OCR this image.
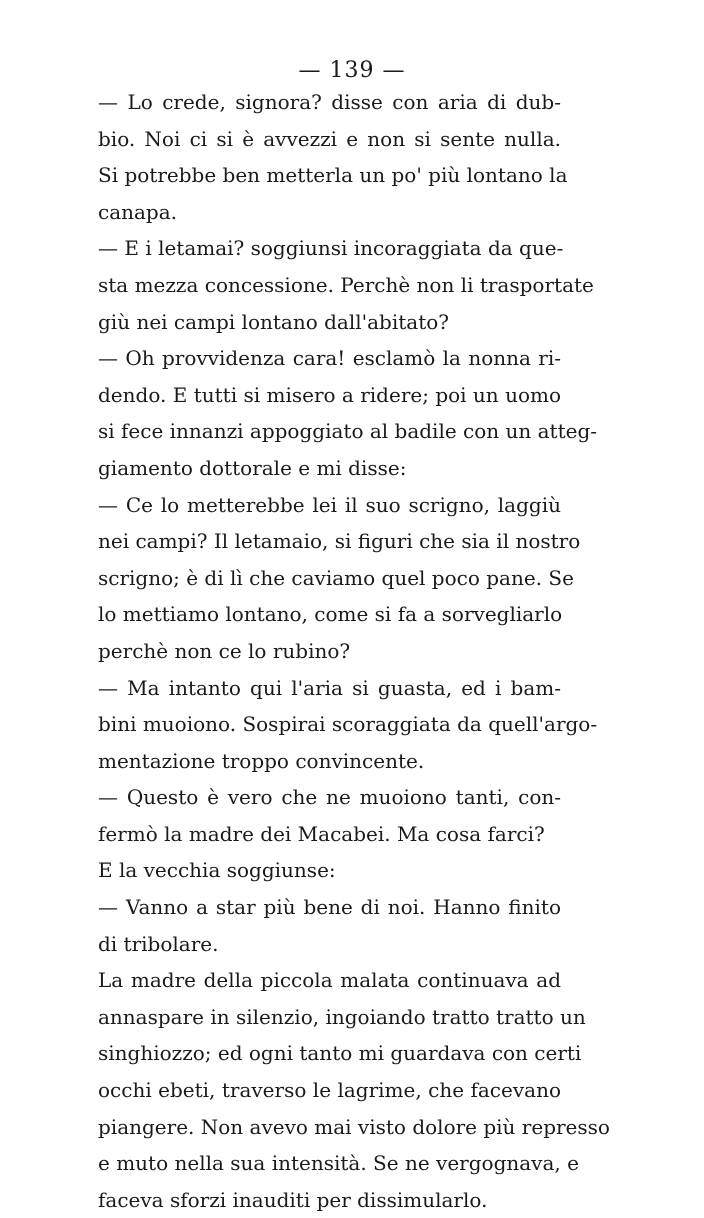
— 139 —
— Lo crede, signora? disse con aria di dub-
bio. Noi ci si è avvezzi e non si sente nulla.
Si potrebbe ben metterla un po' più lontano la
canapa.
— E i letamai? soggiunsi incoraggiata da que-
sta mezza concessione. Perchè non li trasportate
giù nei campi lontano dall'abitato?
— Oh provvidenza cara! esclamò la nonna ri-
dendo. E tutti si misero a ridere; poi un uomo
si fece innanzi appoggiato al badile con un atteg-
giamento dottorale e mi disse:
— Ce lo metterebbe lei il suo scrigno, laggiù
nei campi? Il letamaio, si figuri che sia il nostro
scrigno; è di lì che caviamo quel poco pane. Se
lo mettiamo lontano, come si fa a sorvegliarlo
perchè non ce lo rubino?
— Ma intanto qui l'aria si guasta, ed i bam-
bini muoiono. Sospirai scoraggiata da quell'argo-
mentazione troppo convincente.
— Questo è vero che ne muoiono tanti, con-
fermò la madre dei Macabei. Ma cosa farci?
E la vecchia soggiunse:
— Vanno a star più bene di noi. Hanno finito
di tribolare.
La madre della piccola malata continuava ad
annaspare in silenzio, ingoiando tratto tratto un
singhiozzo; ed ogni tanto mi guardava con certi
occhi ebeti, traverso le lagrime, che facevano
piangere. Non avevo mai visto dolore più represso
e muto nella sua intensità. Se ne vergognava, e
faceva sforzi inauditi per dissimularlo.
